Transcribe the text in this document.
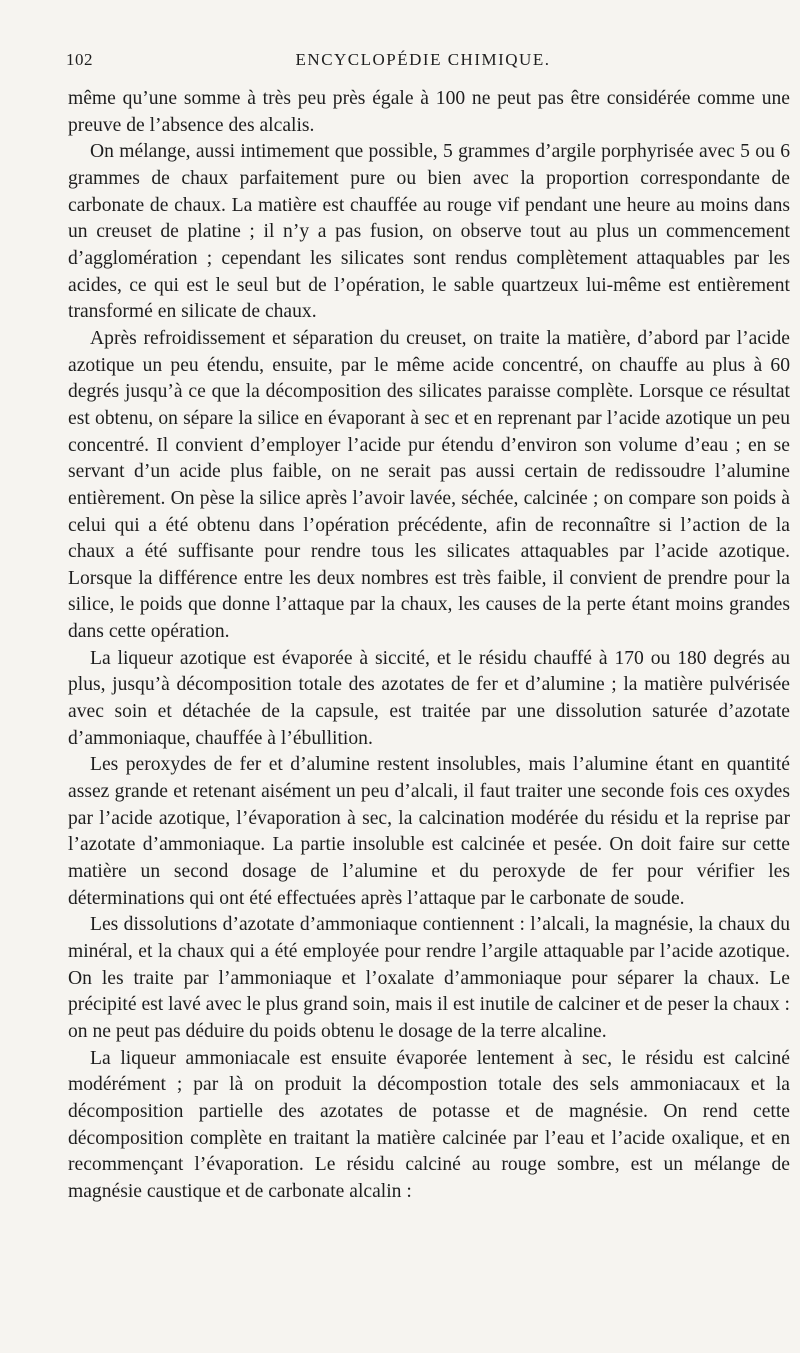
102	ENCYCLOPÉDIE CHIMIQUE.

même qu’une somme à très peu près égale à 100 ne peut pas être considérée comme une preuve de l’absence des alcalis.

On mélange, aussi intimement que possible, 5 grammes d’argile porphyrisée avec 5 ou 6 grammes de chaux parfaitement pure ou bien avec la proportion correspondante de carbonate de chaux. La matière est chauffée au rouge vif pendant une heure au moins dans un creuset de platine ; il n’y a pas fusion, on observe tout au plus un commencement d’agglomération ; cependant les silicates sont rendus complètement attaquables par les acides, ce qui est le seul but de l’opération, le sable quartzeux lui-même est entièrement transformé en silicate de chaux.

Après refroidissement et séparation du creuset, on traite la matière, d’abord par l’acide azotique un peu étendu, ensuite, par le même acide concentré, on chauffe au plus à 60 degrés jusqu’à ce que la décomposition des silicates paraisse complète. Lorsque ce résultat est obtenu, on sépare la silice en évaporant à sec et en reprenant par l’acide azotique un peu concentré. Il convient d’employer l’acide pur étendu d’environ son volume d’eau ; en se servant d’un acide plus faible, on ne serait pas aussi certain de redissoudre l’alumine entièrement. On pèse la silice après l’avoir lavée, séchée, calcinée ; on compare son poids à celui qui a été obtenu dans l’opération précédente, afin de reconnaître si l’action de la chaux a été suffisante pour rendre tous les silicates attaquables par l’acide azotique. Lorsque la différence entre les deux nombres est très faible, il convient de prendre pour la silice, le poids que donne l’attaque par la chaux, les causes de la perte étant moins grandes dans cette opération.

La liqueur azotique est évaporée à siccité, et le résidu chauffé à 170 ou 180 degrés au plus, jusqu’à décomposition totale des azotates de fer et d’alumine ; la matière pulvérisée avec soin et détachée de la capsule, est traitée par une dissolution saturée d’azotate d’ammoniaque, chauffée à l’ébullition.

Les peroxydes de fer et d’alumine restent insolubles, mais l’alumine étant en quantité assez grande et retenant aisément un peu d’alcali, il faut traiter une seconde fois ces oxydes par l’acide azotique, l’évaporation à sec, la calcination modérée du résidu et la reprise par l’azotate d’ammoniaque. La partie insoluble est calcinée et pesée. On doit faire sur cette matière un second dosage de l’alumine et du peroxyde de fer pour vérifier les déterminations qui ont été effectuées après l’attaque par le carbonate de soude.

Les dissolutions d’azotate d’ammoniaque contiennent : l’alcali, la magnésie, la chaux du minéral, et la chaux qui a été employée pour rendre l’argile attaquable par l’acide azotique. On les traite par l’ammoniaque et l’oxalate d’ammoniaque pour séparer la chaux. Le précipité est lavé avec le plus grand soin, mais il est inutile de calciner et de peser la chaux : on ne peut pas déduire du poids obtenu le dosage de la terre alcaline.

La liqueur ammoniacale est ensuite évaporée lentement à sec, le résidu est calciné modérément ; par là on produit la décompostion totale des sels ammoniacaux et la décomposition partielle des azotates de potasse et de magnésie. On rend cette décomposition complète en traitant la matière calcinée par l’eau et l’acide oxalique, et en recommençant l’évaporation. Le résidu calciné au rouge sombre, est un mélange de magnésie caustique et de carbonate alcalin :
